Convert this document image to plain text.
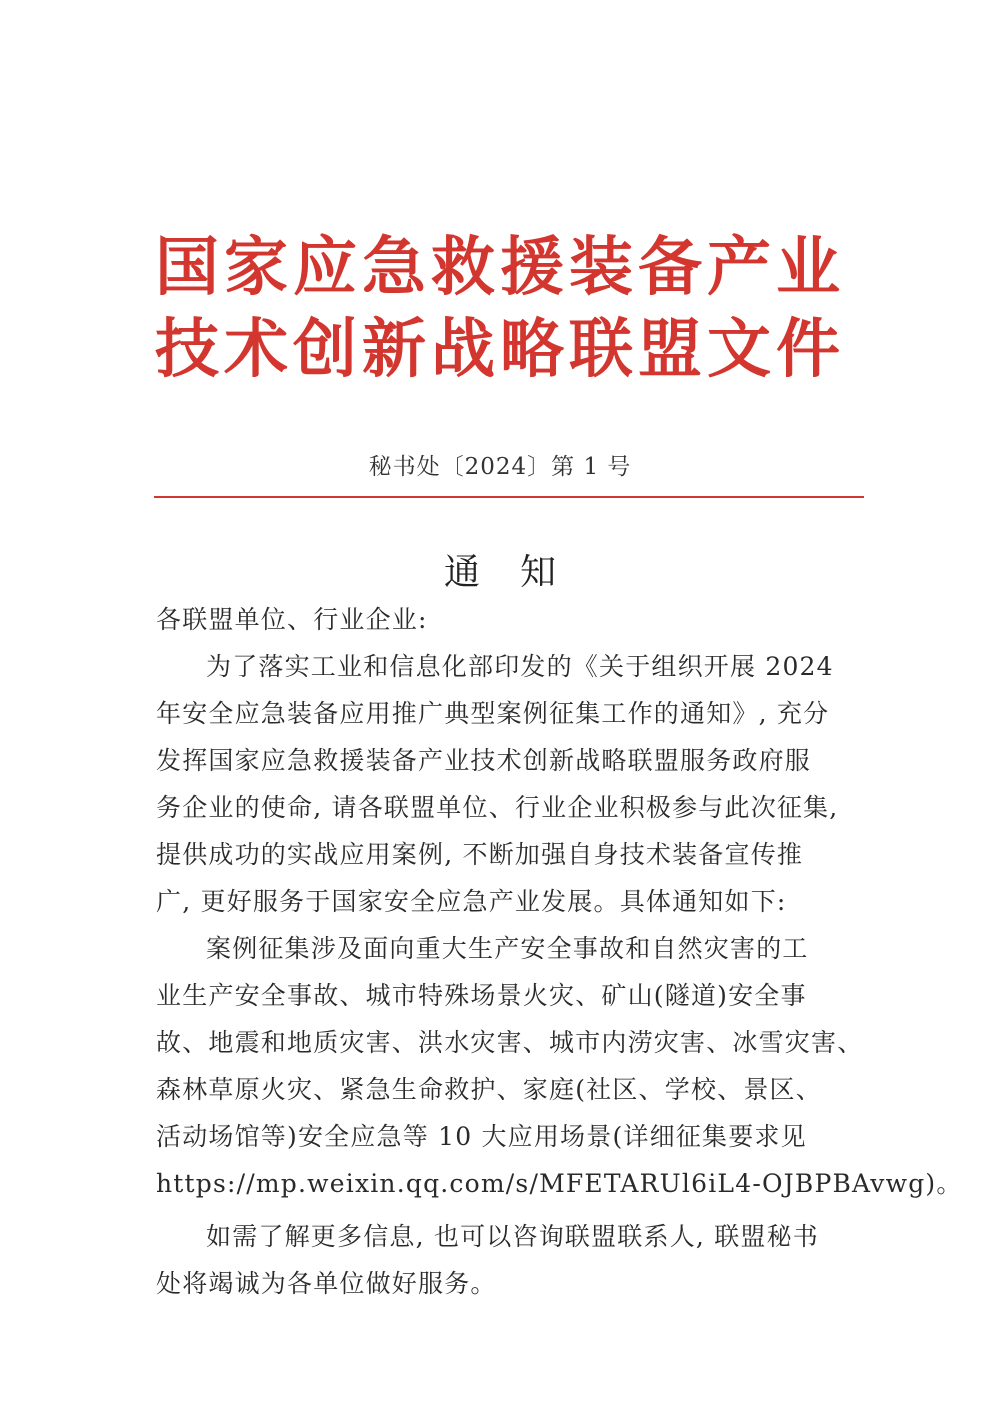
国家应急救援装备产业
技术创新战略联盟文件
秘书处〔2024〕第 1 号
通知
各联盟单位、行业企业:
为了落实工业和信息化部印发的《关于组织开展 2024
年安全应急装备应用推广典型案例征集工作的通知》, 充分
发挥国家应急救援装备产业技术创新战略联盟服务政府服
务企业的使命, 请各联盟单位、行业企业积极参与此次征集,
提供成功的实战应用案例, 不断加强自身技术装备宣传推
广, 更好服务于国家安全应急产业发展。具体通知如下:
案例征集涉及面向重大生产安全事故和自然灾害的工
业生产安全事故、城市特殊场景火灾、矿山(隧道)安全事
故、地震和地质灾害、洪水灾害、城市内涝灾害、冰雪灾害、
森林草原火灾、紧急生命救护、家庭(社区、学校、景区、
活动场馆等)安全应急等 10 大应用场景(详细征集要求见
https://mp.weixin.qq.com/s/MFETARUl6iL4-OJBPBAvwg)。
如需了解更多信息, 也可以咨询联盟联系人, 联盟秘书
处将竭诚为各单位做好服务。
